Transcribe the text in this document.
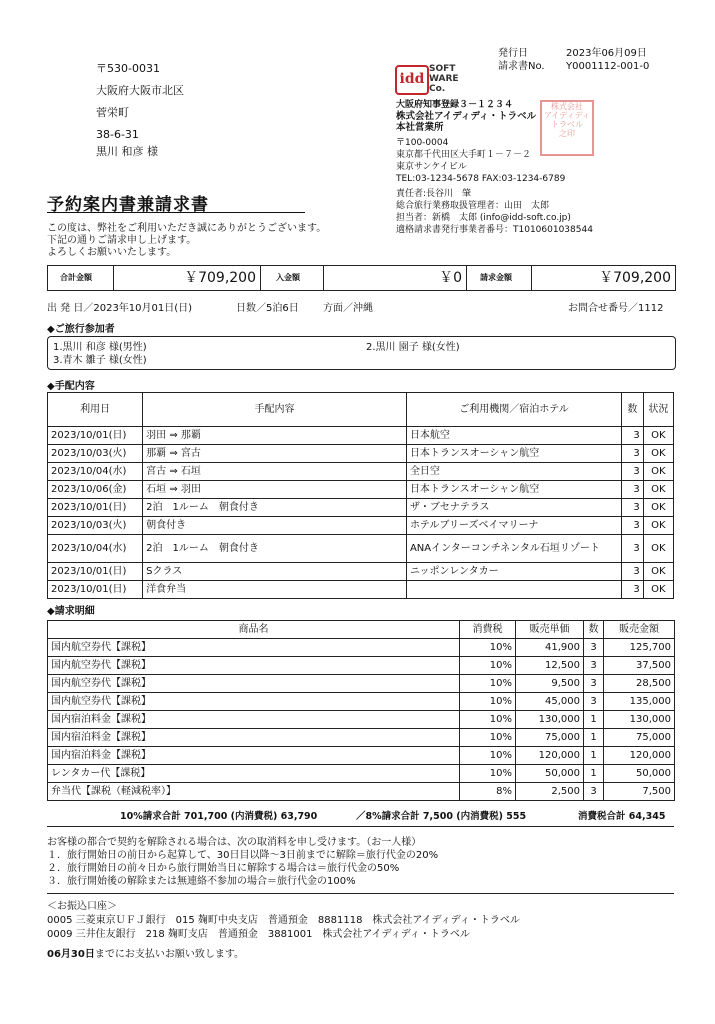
発行日	2023年06月09日
請求書No. Y0001112-001-0
〒530-0031
大阪府大阪市北区
菅栄町
38-6-31
黒川 和彦 様
idd
SOFT
WARE
Co.
大阪府知事登録３－１２３４
株式会社アイディディ・トラベル
本社営業所
〒100-0004
東京都千代田区大手町１－７－２
東京サンケイビル
TEL:03-1234-5678 FAX:03-1234-6789
株式会社
アイディディ
トラベル
之印
責任者:長谷川　肇
総合旅行業務取扱管理者：山田　太郎
担当者：新橋　太郎 (info@idd-soft.co.jp)
適格請求書発行事業者番号：T1010601038544
予約案内書兼請求書
この度は、弊社をご利用いただき誠にありがとうございます。
下記の通りご請求申し上げます。
よろしくお願いいたします。
合計金額	￥709,200	入金額	￥0 請求金額	￥709,200
出 発 日／2023年10月01日(日)	日数／5泊6日 方面／沖縄	お問合せ番号／1112
◆ご旅行参加者
1.黒川 和彦 様(男性)	2.黒川 園子 様(女性)
3.青木 雛子 様(女性)
◆手配内容
利用日	手配内容	ご利用機関／宿泊ホテル	数	状況
2023/10/01(日)	羽田 ⇒ 那覇	日本航空	3	OK
2023/10/03(火)	那覇 ⇒ 宮古	日本トランスオーシャン航空	3	OK
2023/10/04(水)	宮古 ⇒ 石垣	全日空	3	OK
2023/10/06(金)	石垣 ⇒ 羽田	日本トランスオーシャン航空	3	OK
2023/10/01(日)	2泊　1ルーム　朝食付き	ザ・ブセナテラス	3	OK
2023/10/03(火)	朝食付き	ホテルブリーズベイマリーナ	3	OK
2023/10/04(水)	2泊　1ルーム　朝食付き	ANAインターコンチネンタル石垣リゾート	3	OK
2023/10/01(日)	Sクラス	ニッポンレンタカー	3	OK
2023/10/01(日)	洋食弁当		3	OK
◆請求明細
商品名	消費税	販売単価	数	販売金額
国内航空券代【課税】	10%	41,900	3	125,700
国内航空券代【課税】	10%	12,500	3	37,500
国内航空券代【課税】	10%	9,500	3	28,500
国内航空券代【課税】	10%	45,000	3	135,000
国内宿泊料金【課税】	10%	130,000	1	130,000
国内宿泊料金【課税】	10%	75,000	1	75,000
国内宿泊料金【課税】	10%	120,000	1	120,000
レンタカー代【課税】	10%	50,000	1	50,000
弁当代【課税（軽減税率）】	8%	2,500	3	7,500
10%請求合計 701,700 (内消費税) 63,790	／8%請求合計 7,500 (内消費税) 555	消費税合計 64,345
お客様の都合で契約を解除される場合は、次の取消料を申し受けます。（お一人様）
１．旅行開始日の前日から起算して、30日目以降～3日前までに解除＝旅行代金の20%
２．旅行開始日の前々日から旅行開始当日に解除する場合は＝旅行代金の50%
３．旅行開始後の解除または無連絡不参加の場合＝旅行代金の100%
＜お振込口座＞
0005 三菱東京ＵＦＪ銀行　015 麹町中央支店　普通預金　8881118　株式会社アイディディ・トラベル
0009 三井住友銀行　218 麹町支店　普通預金　3881001　株式会社アイディディ・トラベル
06月30日までにお支払いお願い致します。
